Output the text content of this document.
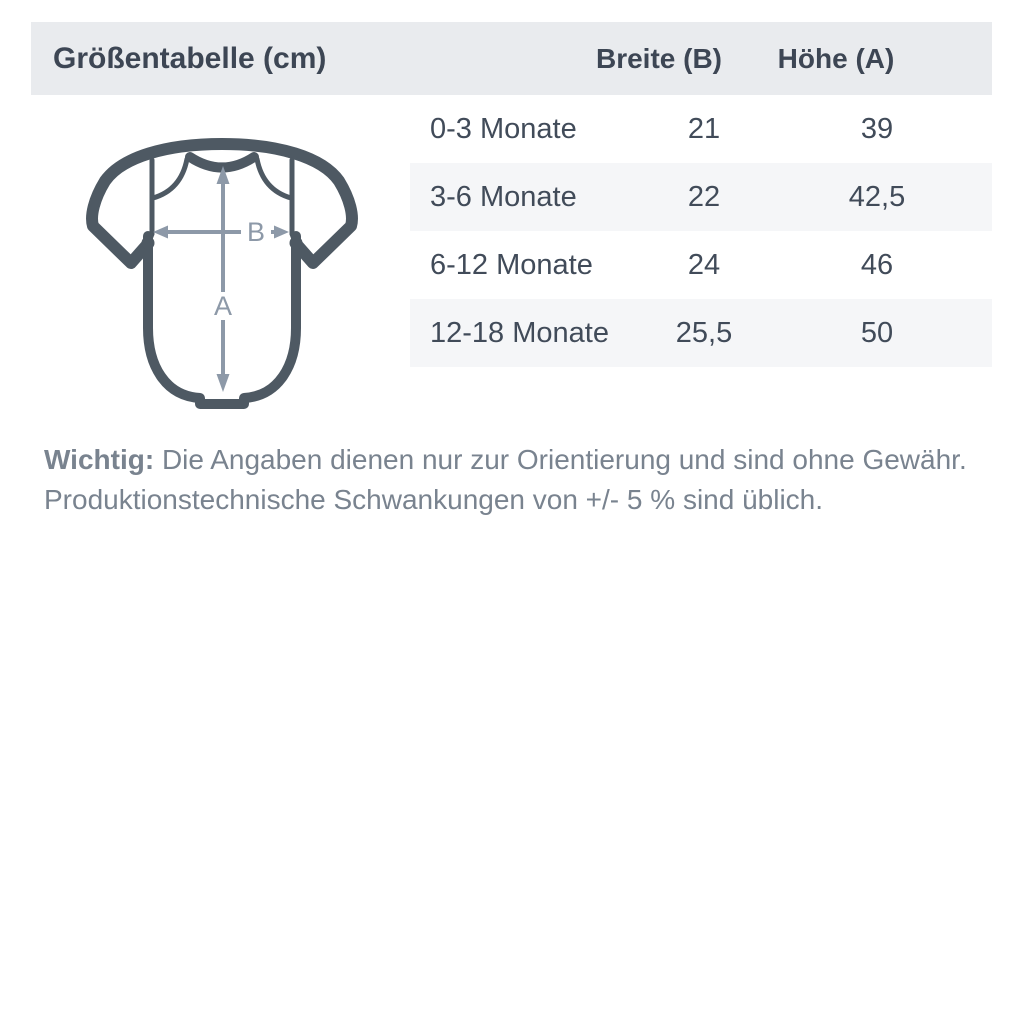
Größentabelle (cm)	Breite (B) Höhe (A)
0-3 Monate	21	39
3-6 Monate	22	42,5
6-12 Monate	24	46
12-18 Monate 25,5	50
A
B

Wichtig: Die Angaben dienen nur zur Orientierung und sind ohne Gewähr.
Produktionstechnische Schwankungen von +/- 5 % sind üblich.
